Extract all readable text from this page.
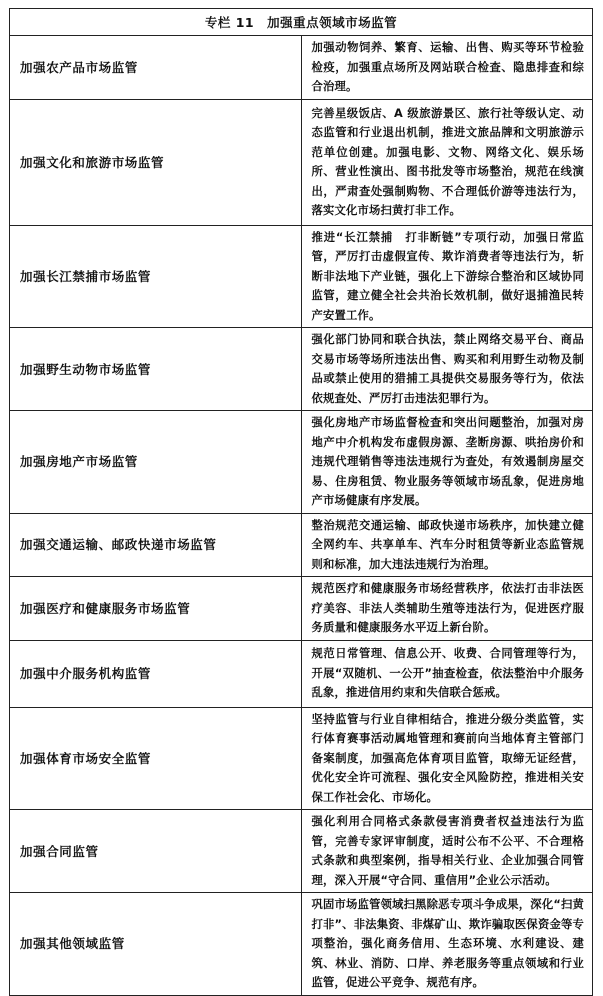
专栏 11　加强重点领域市场监管	
加强农产品市场监管	加强动物饲养、繁育、运输、出售、购买等环节检验检疫，加强重点场所及网站联合检查、隐患排查和综合治理。
加强文化和旅游市场监管	完善星级饭店、A 级旅游景区、旅行社等级认定、动态监管和行业退出机制，推进文旅品牌和文明旅游示范单位创建。加强电影、文物、网络文化、娱乐场所、营业性演出、图书批发等市场整治，规范在线演出，严肃查处强制购物、不合理低价游等违法行为，落实文化市场扫黄打非工作。
加强长江禁捕市场监管	推进“长江禁捕　打非断链”专项行动，加强日常监管，严厉打击虚假宣传、欺诈消费者等违法行为，斩断非法地下产业链，强化上下游综合整治和区域协同监管，建立健全社会共治长效机制，做好退捕渔民转产安置工作。
加强野生动物市场监管	强化部门协同和联合执法，禁止网络交易平台、商品交易市场等场所违法出售、购买和利用野生动物及制品或禁止使用的猎捕工具提供交易服务等行为，依法依规查处、严厉打击违法犯罪行为。
加强房地产市场监管	强化房地产市场监督检查和突出问题整治，加强对房地产中介机构发布虚假房源、垄断房源、哄抬房价和违规代理销售等违法违规行为查处，有效遏制房屋交易、住房租赁、物业服务等领域市场乱象，促进房地产市场健康有序发展。
加强交通运输、邮政快递市场监管	整治规范交通运输、邮政快递市场秩序，加快建立健全网约车、共享单车、汽车分时租赁等新业态监管规则和标准，加大违法违规行为治理。
加强医疗和健康服务市场监管	规范医疗和健康服务市场经营秩序，依法打击非法医疗美容、非法人类辅助生殖等违法行为，促进医疗服务质量和健康服务水平迈上新台阶。
加强中介服务机构监管	规范日常管理、信息公开、收费、合同管理等行为，开展“双随机、一公开”抽查检查，依法整治中介服务乱象，推进信用约束和失信联合惩戒。
加强体育市场安全监管	坚持监管与行业自律相结合，推进分级分类监管，实行体育赛事活动属地管理和赛前向当地体育主管部门备案制度，加强高危体育项目监管，取缔无证经营，优化安全许可流程、强化安全风险防控，推进相关安保工作社会化、市场化。
加强合同监管	强化利用合同格式条款侵害消费者权益违法行为监管，完善专家评审制度，适时公布不公平、不合理格式条款和典型案例，指导相关行业、企业加强合同管理，深入开展“守合同、重信用”企业公示活动。
加强其他领域监管	巩固市场监管领域扫黑除恶专项斗争成果，深化“扫黄打非”、非法集资、非煤矿山、欺诈骗取医保资金等专项整治，强化商务信用、生态环境、水利建设、建筑、林业、消防、口岸、养老服务等重点领域和行业监管，促进公平竞争、规范有序。
